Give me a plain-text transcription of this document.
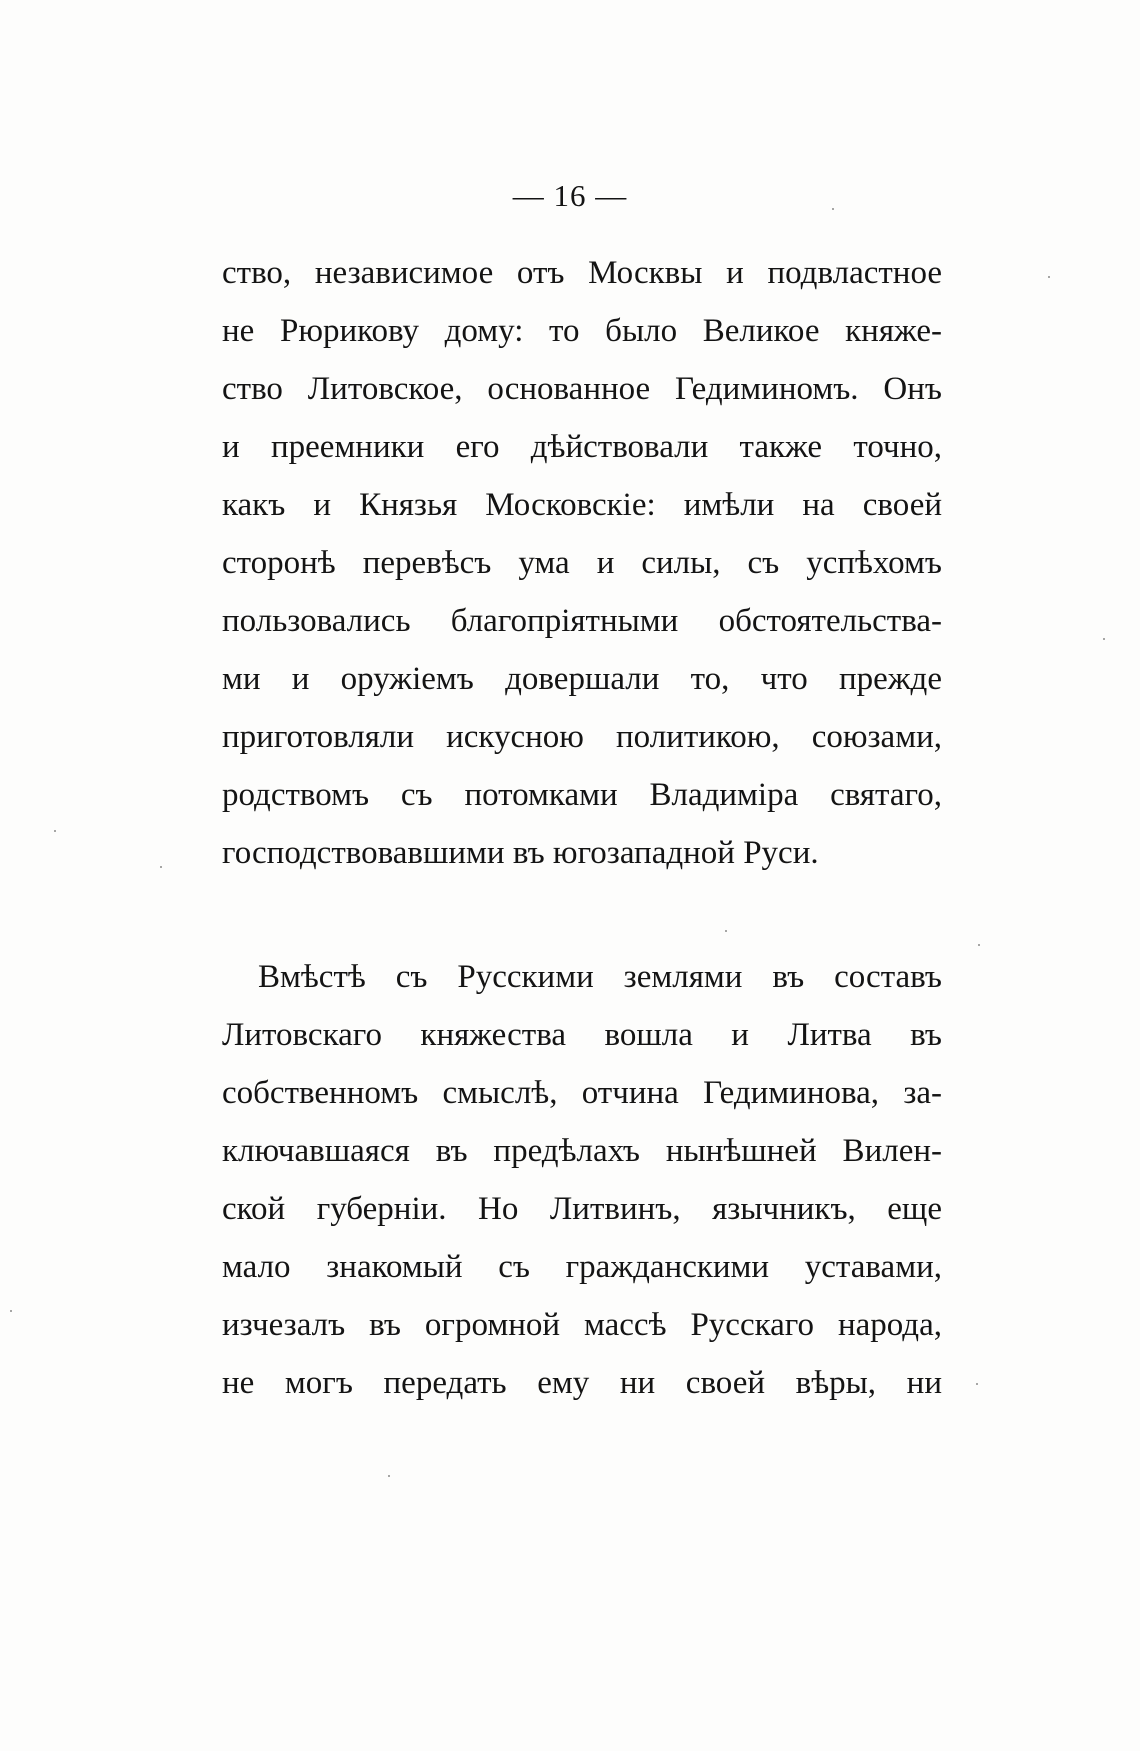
— 16 —
ство, независимое отъ Москвы и подвластное
не Рюрикову дому: то было Великое княже-
ство Литовское, основанное Гедиминомъ. Онъ
и преемники его дѣйствовали также точно,
какъ и Князья Московскіе: имѣли на своей
сторонѣ перевѣсъ ума и силы, съ успѣхомъ
пользовались благопріятными обстоятельства-
ми и оружіемъ довершали то, что прежде
приготовляли искусною политикою, союзами,
родствомъ съ потомками Владиміра святаго,
господствовавшими въ югозападной Руси.
Вмѣстѣ съ Русскими землями въ составъ
Литовскаго княжества вошла и Литва въ
собственномъ смыслѣ, отчина Гедиминова, за-
ключавшаяся въ предѣлахъ нынѣшней Вилен-
ской губерніи. Но Литвинъ, язычникъ, еще
мало знакомый съ гражданскими уставами,
изчезалъ въ огромной массѣ Русскаго народа,
не могъ передать ему ни своей вѣры, ни
